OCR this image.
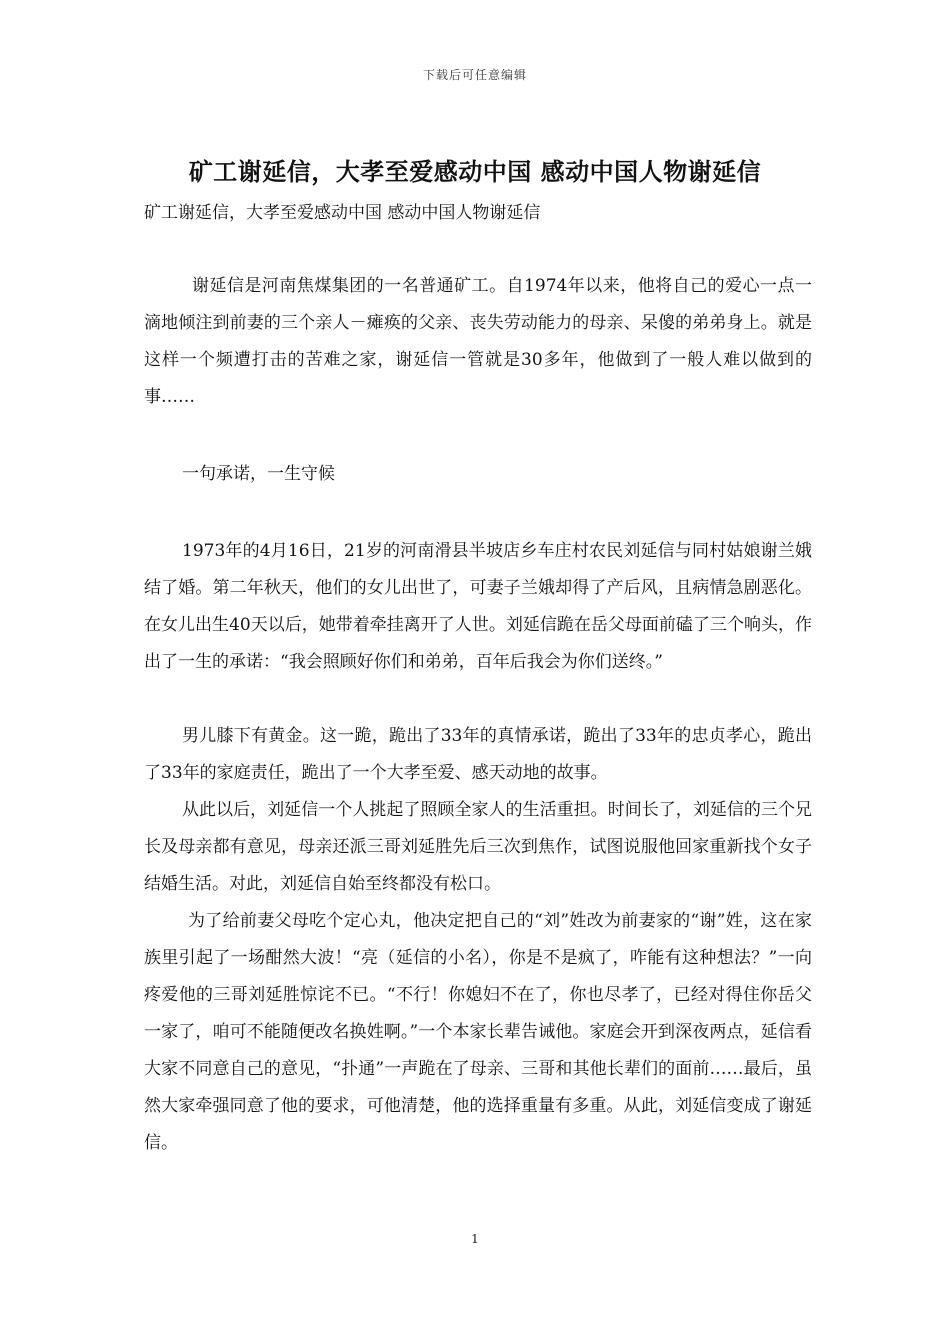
下载后可任意编辑
矿工谢延信，大孝至爱感动中国 感动中国人物谢延信
矿工谢延信，大孝至爱感动中国 感动中国人物谢延信

谢延信是河南焦煤集团的一名普通矿工。自1974年以来，他将自己的爱心一点一滴地倾注到前妻的三个亲人－瘫痪的父亲、丧失劳动能力的母亲、呆傻的弟弟身上。就是这样一个频遭打击的苦难之家，谢延信一管就是30多年，他做到了一般人难以做到的事……

一句承诺，一生守候

1973年的4月16日，21岁的河南滑县半坡店乡车庄村农民刘延信与同村姑娘谢兰娥结了婚。第二年秋天，他们的女儿出世了，可妻子兰娥却得了产后风，且病情急剧恶化。在女儿出生40天以后，她带着牵挂离开了人世。刘延信跪在岳父母面前磕了三个响头，作出了一生的承诺：“我会照顾好你们和弟弟，百年后我会为你们送终。”

男儿膝下有黄金。这一跪，跪出了33年的真情承诺，跪出了33年的忠贞孝心，跪出了33年的家庭责任，跪出了一个大孝至爱、感天动地的故事。

从此以后，刘延信一个人挑起了照顾全家人的生活重担。时间长了，刘延信的三个兄长及母亲都有意见，母亲还派三哥刘延胜先后三次到焦作，试图说服他回家重新找个女子结婚生活。对此，刘延信自始至终都没有松口。

为了给前妻父母吃个定心丸，他决定把自己的“刘”姓改为前妻家的“谢”姓，这在家族里引起了一场酣然大波！“亮（延信的小名），你是不是疯了，咋能有这种想法？”一向疼爱他的三哥刘延胜惊诧不已。“不行！你媳妇不在了，你也尽孝了，已经对得住你岳父一家了，咱可不能随便改名换姓啊。”一个本家长辈告诫他。家庭会开到深夜两点，延信看大家不同意自己的意见，“扑通”一声跪在了母亲、三哥和其他长辈们的面前……最后，虽然大家牵强同意了他的要求，可他清楚，他的选择重量有多重。从此，刘延信变成了谢延信。

1
